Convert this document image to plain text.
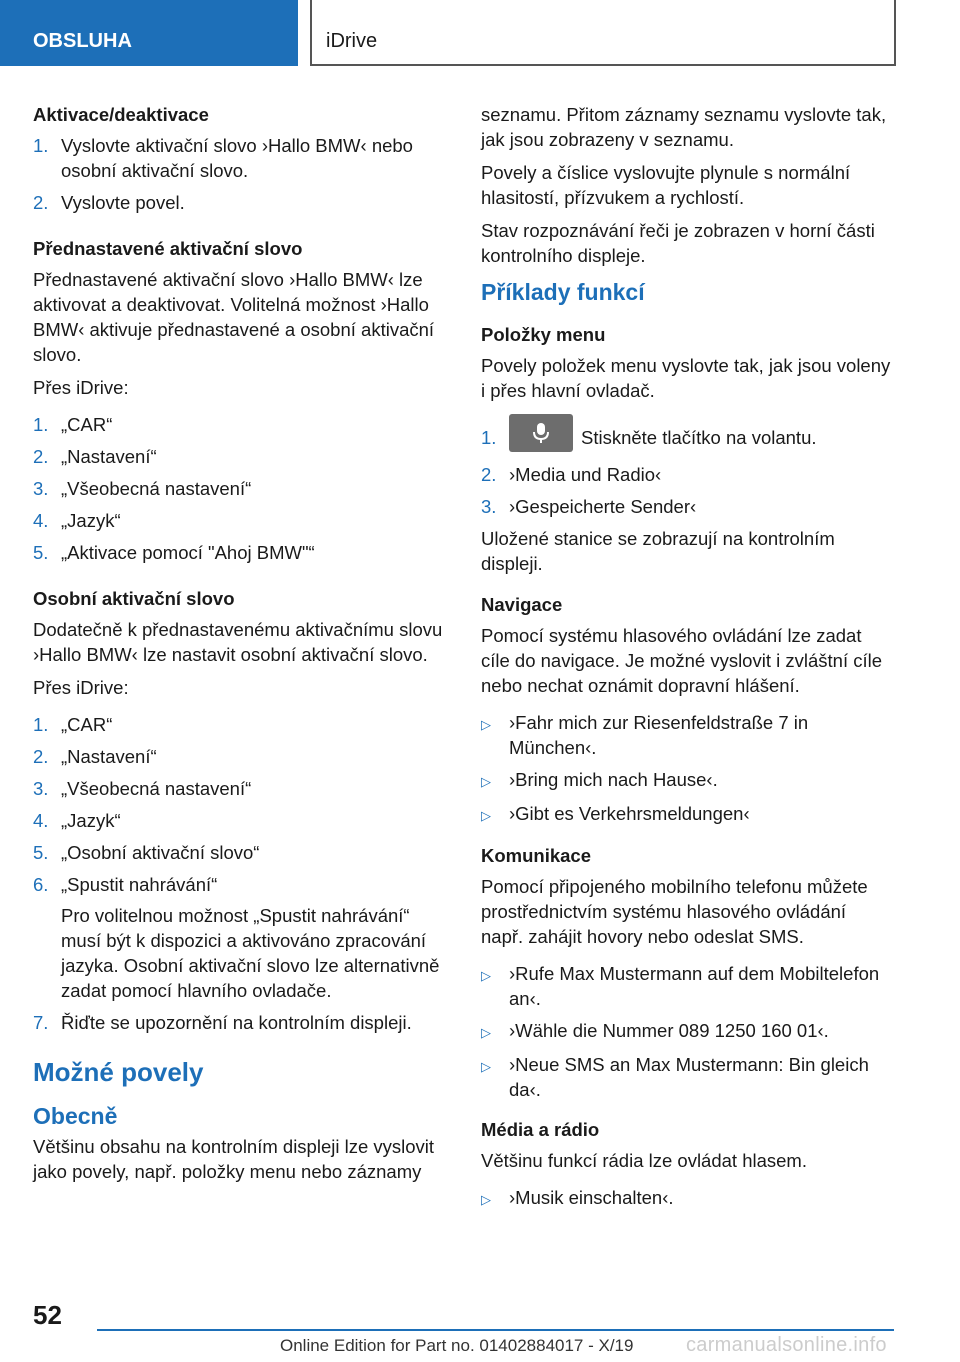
OBSLUHA	iDrive
Aktivace/deaktivace
1. Vyslovte aktivační slovo ›Hallo BMW‹ nebo osobní aktivační slovo.
2. Vyslovte povel.
Přednastavené aktivační slovo
Přednastavené aktivační slovo ›Hallo BMW‹ lze aktivovat a deaktivovat. Volitelná možnost ›Hallo BMW‹ aktivuje přednastavené a osobní aktivační slovo.
Přes iDrive:
1. „CAR“
2. „Nastavení“
3. „Všeobecná nastavení“
4. „Jazyk“
5. „Aktivace pomocí "Ahoj BMW"“
Osobní aktivační slovo
Dodatečně k přednastavenému aktivačnímu slovu ›Hallo BMW‹ lze nastavit osobní aktivační slovo.
Přes iDrive:
1. „CAR“
2. „Nastavení“
3. „Všeobecná nastavení“
4. „Jazyk“
5. „Osobní aktivační slovo“
6. „Spustit nahrávání“
Pro volitelnou možnost „Spustit nahrávání“ musí být k dispozici a aktivováno zpracování jazyka. Osobní aktivační slovo lze alternativně zadat pomocí hlavního ovladače.
7. Řiďte se upozornění na kontrolním displeji.
Možné povely
Obecně
Většinu obsahu na kontrolním displeji lze vyslovit jako povely, např. položky menu nebo záznamy
seznamu. Přitom záznamy seznamu vyslovte tak, jak jsou zobrazeny v seznamu.
Povely a číslice vyslovujte plynule s normální hlasitostí, přízvukem a rychlostí.
Stav rozpoznávání řeči je zobrazen v horní části kontrolního displeje.
Příklady funkcí
Položky menu
Povely položek menu vyslovte tak, jak jsou voleny i přes hlavní ovladač.
1.	Stiskněte tlačítko na volantu.
2. ›Media und Radio‹
3. ›Gespeicherte Sender‹
Uložené stanice se zobrazují na kontrolním displeji.
Navigace
Pomocí systému hlasového ovládání lze zadat cíle do navigace. Je možné vyslovit i zvláštní cíle nebo nechat oznámit dopravní hlášení.
▷ ›Fahr mich zur Riesenfeldstraße 7 in München‹.
▷ ›Bring mich nach Hause‹.
▷ ›Gibt es Verkehrsmeldungen‹
Komunikace
Pomocí připojeného mobilního telefonu můžete prostřednictvím systému hlasového ovládání např. zahájit hovory nebo odeslat SMS.
▷ ›Rufe Max Mustermann auf dem Mobiltelefon an‹.
▷ ›Wähle die Nummer 089 1250 160 01‹.
▷ ›Neue SMS an Max Mustermann: Bin gleich da‹.
Média a rádio
Většinu funkcí rádia lze ovládat hlasem.
▷ ›Musik einschalten‹.
52
Online Edition for Part no. 01402884017 - X/19	carmanualsonline.info
